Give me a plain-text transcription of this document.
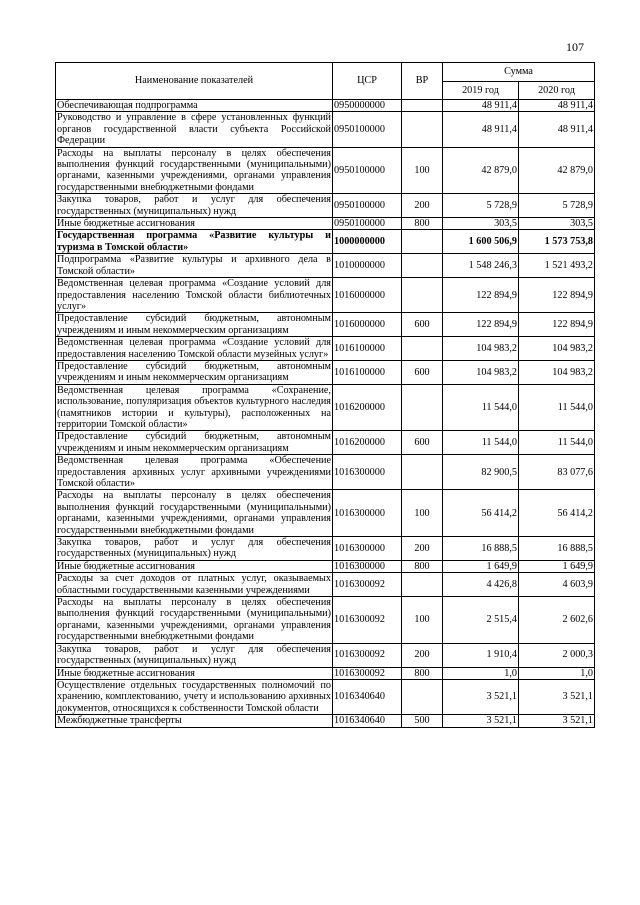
107
Наименование показателей	ЦСР	ВР	Сумма	
			2019 год	2020 год
Обеспечивающая подпрограмма	0950000000		48 911,4	48 911,4
Руководство и управление в сфере установленных функций органов государственной власти субъекта Российской Федерации	0950100000		48 911,4	48 911,4
Расходы на выплаты персоналу в целях обеспечения выполнения функций государственными (муниципальными) органами, казенными учреждениями, органами управления государственными внебюджетными фондами	0950100000	100	42 879,0	42 879,0
Закупка товаров, работ и услуг для обеспечения государственных (муниципальных) нужд	0950100000	200	5 728,9	5 728,9
Иные бюджетные ассигнования	0950100000	800	303,5	303,5
Государственная программа «Развитие культуры и туризма в Томской области»	1000000000		1 600 506,9	1 573 753,8
Подпрограмма «Развитие культуры и архивного дела в Томской области»	1010000000		1 548 246,3	1 521 493,2
Ведомственная целевая программа «Создание условий для предоставления населению Томской области библиотечных услуг»	1016000000		122 894,9	122 894,9
Предоставление субсидий бюджетным, автономным учреждениям и иным некоммерческим организациям	1016000000	600	122 894,9	122 894,9
Ведомственная целевая программа «Создание условий для предоставления населению Томской области музейных услуг»	1016100000		104 983,2	104 983,2
Предоставление субсидий бюджетным, автономным учреждениям и иным некоммерческим организациям	1016100000	600	104 983,2	104 983,2
Ведомственная целевая программа «Сохранение, использование, популяризация объектов культурного наследия (памятников истории и культуры), расположенных на территории Томской области»	1016200000		11 544,0	11 544,0
Предоставление субсидий бюджетным, автономным учреждениям и иным некоммерческим организациям	1016200000	600	11 544,0	11 544,0
Ведомственная целевая программа «Обеспечение предоставления архивных услуг архивными учреждениями Томской области»	1016300000		82 900,5	83 077,6
Расходы на выплаты персоналу в целях обеспечения выполнения функций государственными (муниципальными) органами, казенными учреждениями, органами управления государственными внебюджетными фондами	1016300000	100	56 414,2	56 414,2
Закупка товаров, работ и услуг для обеспечения государственных (муниципальных) нужд	1016300000	200	16 888,5	16 888,5
Иные бюджетные ассигнования	1016300000	800	1 649,9	1 649,9
Расходы за счет доходов от платных услуг, оказываемых областными государственными казенными учреждениями	1016300092		4 426,8	4 603,9
Расходы на выплаты персоналу в целях обеспечения выполнения функций государственными (муниципальными) органами, казенными учреждениями, органами управления государственными внебюджетными фондами	1016300092	100	2 515,4	2 602,6
Закупка товаров, работ и услуг для обеспечения государственных (муниципальных) нужд	1016300092	200	1 910,4	2 000,3
Иные бюджетные ассигнования	1016300092	800	1,0	1,0
Осуществление отдельных государственных полномочий по хранению, комплектованию, учету и использованию архивных документов, относящихся к собственности Томской области	1016340640		3 521,1	3 521,1
Межбюджетные трансферты	1016340640	500	3 521,1	3 521,1
